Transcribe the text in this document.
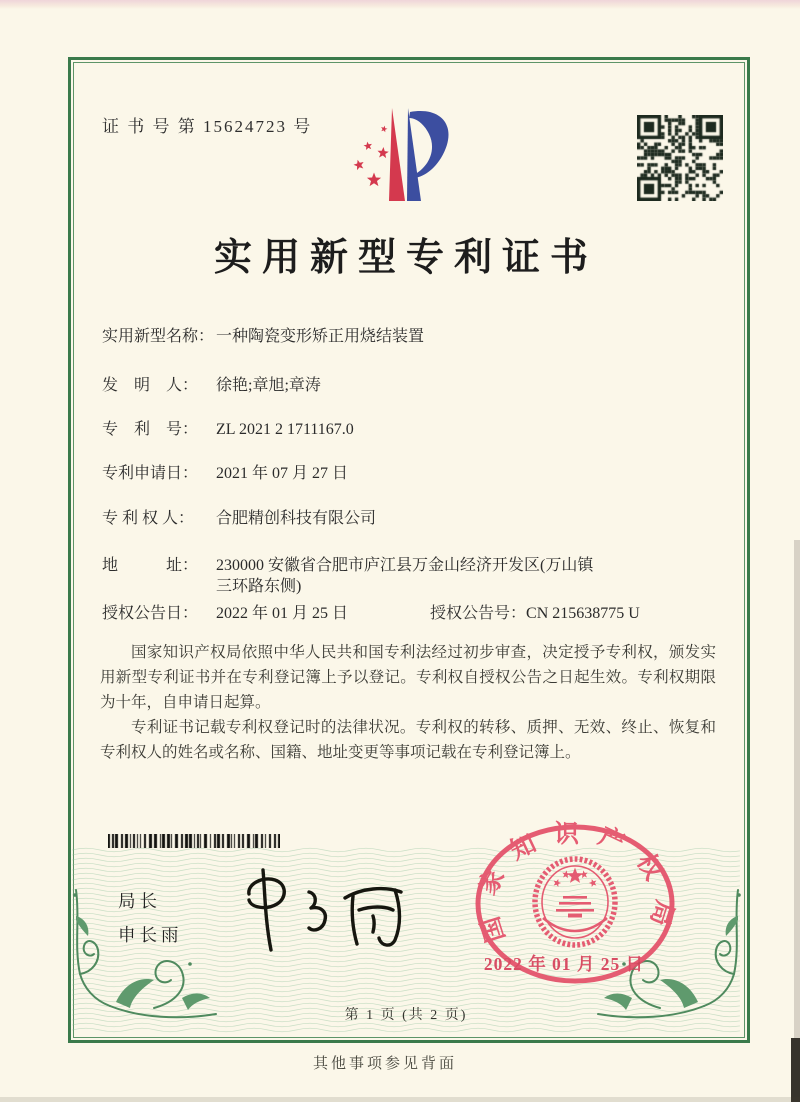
证 书 号 第 15624723 号
实用新型专利证书
实用新型名称： 一种陶瓷变形矫正用烧结装置
发　明　人：	徐艳;章旭;章涛
专　利　号：	ZL 2021 2 1711167.0
专利申请日：	2021 年 07 月 27 日
专 利 权 人：	合肥精创科技有限公司
地　　　址：	230000 安徽省合肥市庐江县万金山经济开发区(万山镇三环路东侧)
授权公告日：	2022 年 01 月 25 日	授权公告号： CN 215638775 U

国家知识产权局依照中华人民共和国专利法经过初步审查，决定授予专利权，颁发实用新型专利证书并在专利登记簿上予以登记。专利权自授权公告之日起生效。专利权期限为十年，自申请日起算。

专利证书记载专利权登记时的法律状况。专利权的转移、质押、无效、终止、恢复和专利权人的姓名或名称、国籍、地址变更等事项记载在专利登记簿上。

局长
申长雨	国家知识产权局
2022 年 01 月 25 日
第 1 页 (共 2 页)
其他事项参见背面
